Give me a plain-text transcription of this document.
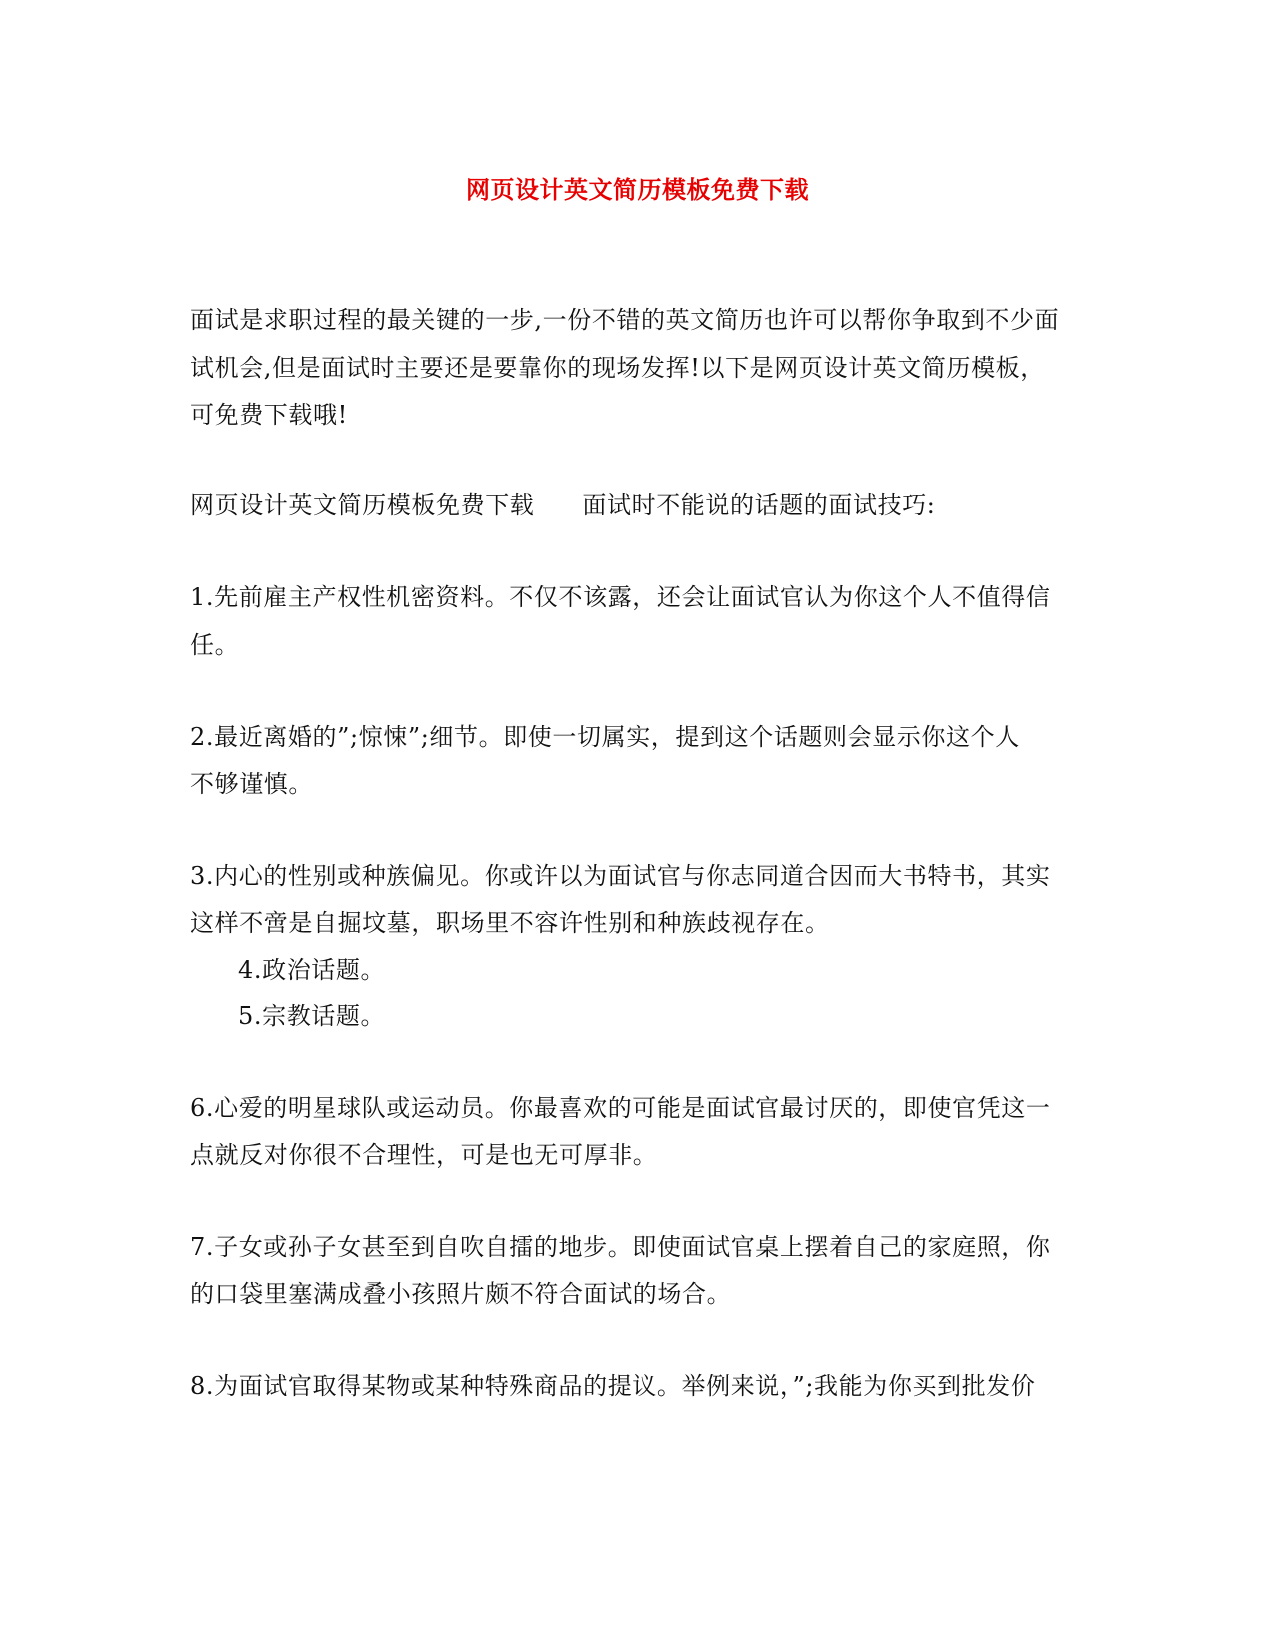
网页设计英文简历模板免费下载
面试是求职过程的最关键的一步,一份不错的英文简历也许可以帮你争取到不少面
试机会,但是面试时主要还是要靠你的现场发挥!以下是网页设计英文简历模板，
可免费下载哦!
网页设计英文简历模板免费下载 面试时不能说的话题的面试技巧:
1.先前雇主产权性机密资料。不仅不该露，还会让面试官认为你这个人不值得信
任。
2.最近离婚的”;惊悚”;细节。即使一切属实，提到这个话题则会显示你这个人
不够谨慎。
3.内心的性别或种族偏见。你或许以为面试官与你志同道合因而大书特书，其实
这样不啻是自掘坟墓，职场里不容许性别和种族歧视存在。
4.政治话题。
5.宗教话题。
6.心爱的明星球队或运动员。你最喜欢的可能是面试官最讨厌的，即使官凭这一
点就反对你很不合理性，可是也无可厚非。
7.子女或孙子女甚至到自吹自擂的地步。即使面试官桌上摆着自己的家庭照，你
的口袋里塞满成叠小孩照片颇不符合面试的场合。
8.为面试官取得某物或某种特殊商品的提议。举例来说，”;我能为你买到批发价
